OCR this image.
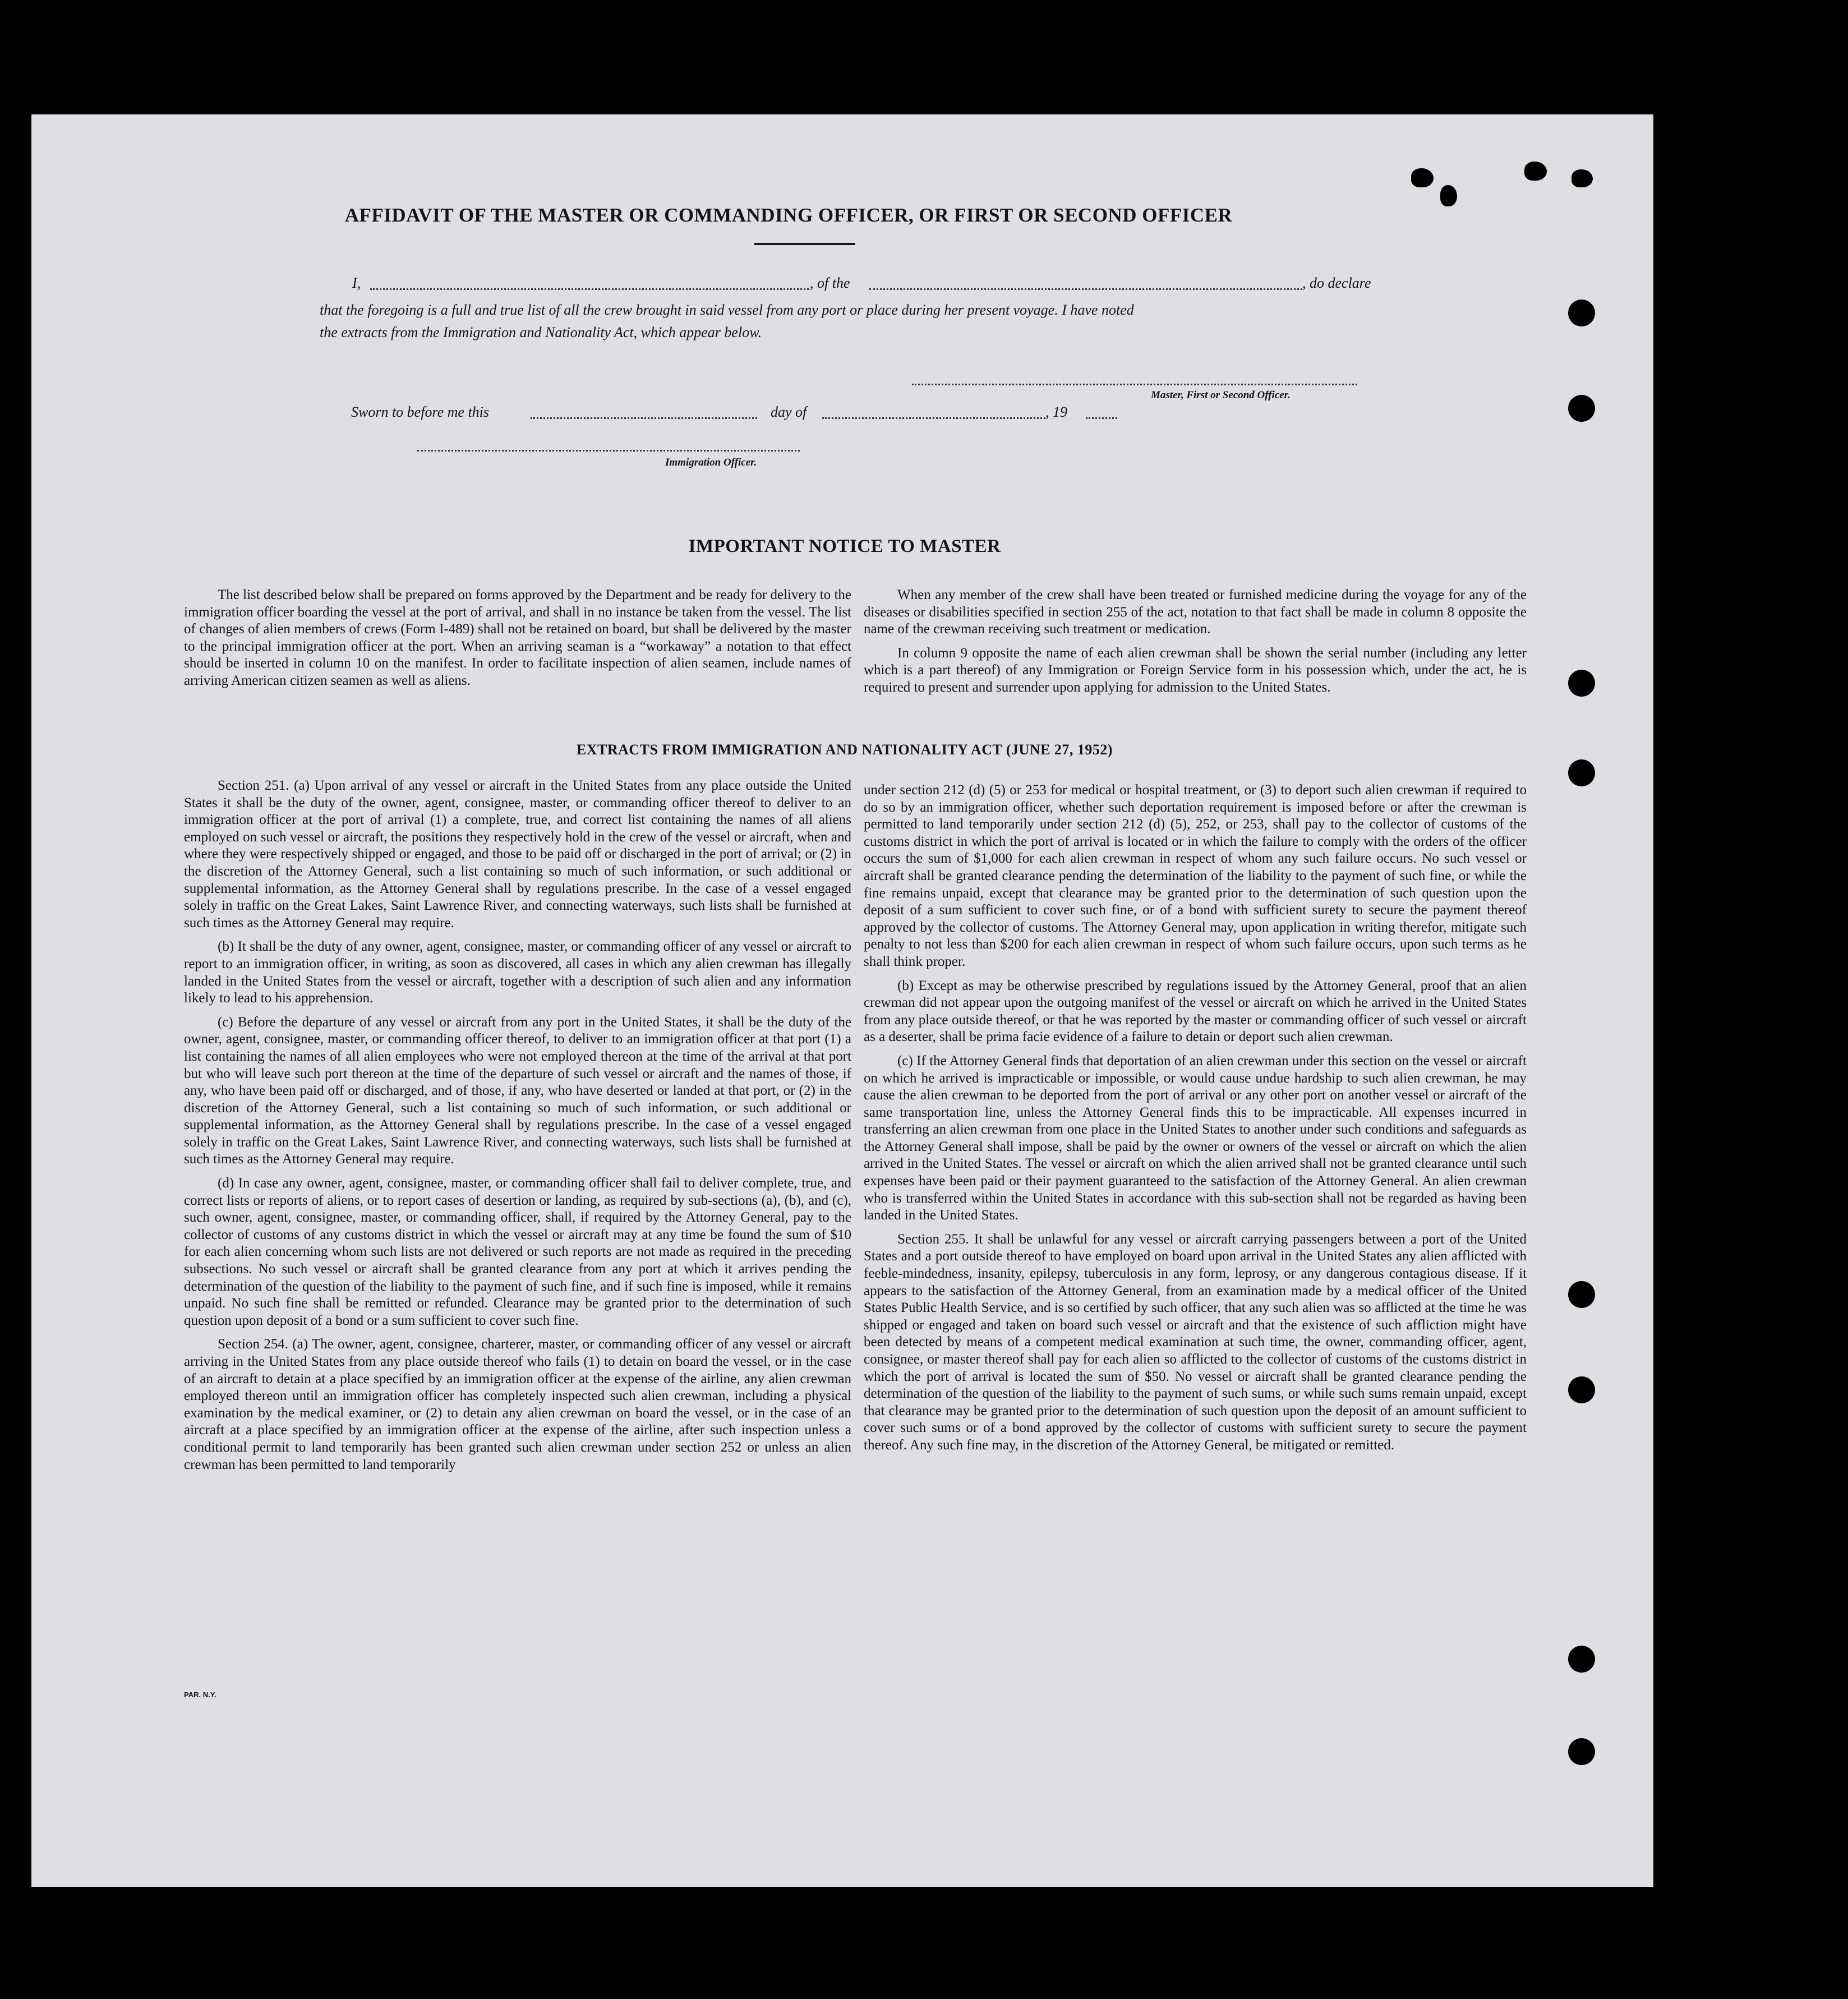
AFFIDAVIT OF THE MASTER OR COMMANDING OFFICER, OR FIRST OR SECOND OFFICER
I,	, of the	, do declare
that the foregoing is a full and true list of all the crew brought in said vessel from any port or place during her present voyage. I have noted
the extracts from the Immigration and Nationality Act, which appear below.
Master, First or Second Officer.
Sworn to before me this	day of	, 19
Immigration Officer.
IMPORTANT NOTICE TO MASTER

The list described below shall be prepared on forms approved by the Department and be ready for delivery to the immigration officer boarding the vessel at the port of arrival, and shall in no instance be taken from the vessel. The list of changes of alien members of crews (Form I-489) shall not be retained on board, but shall be delivered by the master to the principal immigration officer at the port. When an arriving seaman is a “workaway” a notation to that effect should be inserted in column 10 on the manifest. In order to facilitate inspection of alien seamen, include names of arriving American citizen seamen as well as aliens.

When any member of the crew shall have been treated or furnished medicine during the voyage for any of the diseases or disabilities specified in section 255 of the act, notation to that fact shall be made in column 8 opposite the name of the crewman receiving such treatment or medication.

In column 9 opposite the name of each alien crewman shall be shown the serial number (including any letter which is a part thereof) of any Immigration or Foreign Service form in his possession which, under the act, he is required to present and surrender upon applying for admission to the United States.

EXTRACTS FROM IMMIGRATION AND NATIONALITY ACT (JUNE 27, 1952)

Section 251. (a) Upon arrival of any vessel or aircraft in the United States from any place outside the United States it shall be the duty of the owner, agent, consignee, master, or commanding officer thereof to deliver to an immigration officer at the port of arrival (1) a complete, true, and correct list containing the names of all aliens employed on such vessel or aircraft, the positions they respectively hold in the crew of the vessel or aircraft, when and where they were respectively shipped or engaged, and those to be paid off or discharged in the port of arrival; or (2) in the discretion of the Attorney General, such a list containing so much of such information, or such additional or supplemental information, as the Attorney General shall by regulations prescribe. In the case of a vessel engaged solely in traffic on the Great Lakes, Saint Lawrence River, and connecting waterways, such lists shall be furnished at such times as the Attorney General may require.

(b) It shall be the duty of any owner, agent, consignee, master, or commanding officer of any vessel or aircraft to report to an immigration officer, in writing, as soon as discovered, all cases in which any alien crewman has illegally landed in the United States from the vessel or aircraft, together with a description of such alien and any information likely to lead to his apprehension.

(c) Before the departure of any vessel or aircraft from any port in the United States, it shall be the duty of the owner, agent, consignee, master, or commanding officer thereof, to deliver to an immigration officer at that port (1) a list containing the names of all alien employees who were not employed thereon at the time of the arrival at that port but who will leave such port thereon at the time of the departure of such vessel or aircraft and the names of those, if any, who have been paid off or discharged, and of those, if any, who have deserted or landed at that port, or (2) in the discretion of the Attorney General, such a list containing so much of such information, or such additional or supplemental information, as the Attorney General shall by regulations prescribe. In the case of a vessel engaged solely in traffic on the Great Lakes, Saint Lawrence River, and connecting waterways, such lists shall be furnished at such times as the Attorney General may require.

(d) In case any owner, agent, consignee, master, or commanding officer shall fail to deliver complete, true, and correct lists or reports of aliens, or to report cases of desertion or landing, as required by sub-sections (a), (b), and (c), such owner, agent, consignee, master, or commanding officer, shall, if required by the Attorney General, pay to the collector of customs of any customs district in which the vessel or aircraft may at any time be found the sum of $10 for each alien concerning whom such lists are not delivered or such reports are not made as required in the preceding subsections. No such vessel or aircraft shall be granted clearance from any port at which it arrives pending the determination of the question of the liability to the payment of such fine, and if such fine is imposed, while it remains unpaid. No such fine shall be remitted or refunded. Clearance may be granted prior to the determination of such question upon deposit of a bond or a sum sufficient to cover such fine.

Section 254. (a) The owner, agent, consignee, charterer, master, or commanding officer of any vessel or aircraft arriving in the United States from any place outside thereof who fails (1) to detain on board the vessel, or in the case of an aircraft to detain at a place specified by an immigration officer at the expense of the airline, any alien crewman employed thereon until an immigration officer has completely inspected such alien crewman, including a physical examination by the medical examiner, or (2) to detain any alien crewman on board the vessel, or in the case of an aircraft at a place specified by an immigration officer at the expense of the airline, after such inspection unless a conditional permit to land temporarily has been granted such alien crewman under section 252 or unless an alien crewman has been permitted to land temporarily

under section 212 (d) (5) or 253 for medical or hospital treatment, or (3) to deport such alien crewman if required to do so by an immigration officer, whether such deportation requirement is imposed before or after the crewman is permitted to land temporarily under section 212 (d) (5), 252, or 253, shall pay to the collector of customs of the customs district in which the port of arrival is located or in which the failure to comply with the orders of the officer occurs the sum of $1,000 for each alien crewman in respect of whom any such failure occurs. No such vessel or aircraft shall be granted clearance pending the determination of the liability to the payment of such fine, or while the fine remains unpaid, except that clearance may be granted prior to the determination of such question upon the deposit of a sum sufficient to cover such fine, or of a bond with sufficient surety to secure the payment thereof approved by the collector of customs. The Attorney General may, upon application in writing therefor, mitigate such penalty to not less than $200 for each alien crewman in respect of whom such failure occurs, upon such terms as he shall think proper.

(b) Except as may be otherwise prescribed by regulations issued by the Attorney General, proof that an alien crewman did not appear upon the outgoing manifest of the vessel or aircraft on which he arrived in the United States from any place outside thereof, or that he was reported by the master or commanding officer of such vessel or aircraft as a deserter, shall be prima facie evidence of a failure to detain or deport such alien crewman.

(c) If the Attorney General finds that deportation of an alien crewman under this section on the vessel or aircraft on which he arrived is impracticable or impossible, or would cause undue hardship to such alien crewman, he may cause the alien crewman to be deported from the port of arrival or any other port on another vessel or aircraft of the same transportation line, unless the Attorney General finds this to be impracticable. All expenses incurred in transferring an alien crewman from one place in the United States to another under such conditions and safeguards as the Attorney General shall impose, shall be paid by the owner or owners of the vessel or aircraft on which the alien arrived in the United States. The vessel or aircraft on which the alien arrived shall not be granted clearance until such expenses have been paid or their payment guaranteed to the satisfaction of the Attorney General. An alien crewman who is transferred within the United States in accordance with this sub-section shall not be regarded as having been landed in the United States.

Section 255. It shall be unlawful for any vessel or aircraft carrying passengers between a port of the United States and a port outside thereof to have employed on board upon arrival in the United States any alien afflicted with feeble-mindedness, insanity, epilepsy, tuberculosis in any form, leprosy, or any dangerous contagious disease. If it appears to the satisfaction of the Attorney General, from an examination made by a medical officer of the United States Public Health Service, and is so certified by such officer, that any such alien was so afflicted at the time he was shipped or engaged and taken on board such vessel or aircraft and that the existence of such affliction might have been detected by means of a competent medical examination at such time, the owner, commanding officer, agent, consignee, or master thereof shall pay for each alien so afflicted to the collector of customs of the customs district in which the port of arrival is located the sum of $50. No vessel or aircraft shall be granted clearance pending the determination of the question of the liability to the payment of such sums, or while such sums remain unpaid, except that clearance may be granted prior to the determination of such question upon the deposit of an amount sufficient to cover such sums or of a bond approved by the collector of customs with sufficient surety to secure the payment thereof. Any such fine may, in the discretion of the Attorney General, be mitigated or remitted.

PAR. N.Y.
